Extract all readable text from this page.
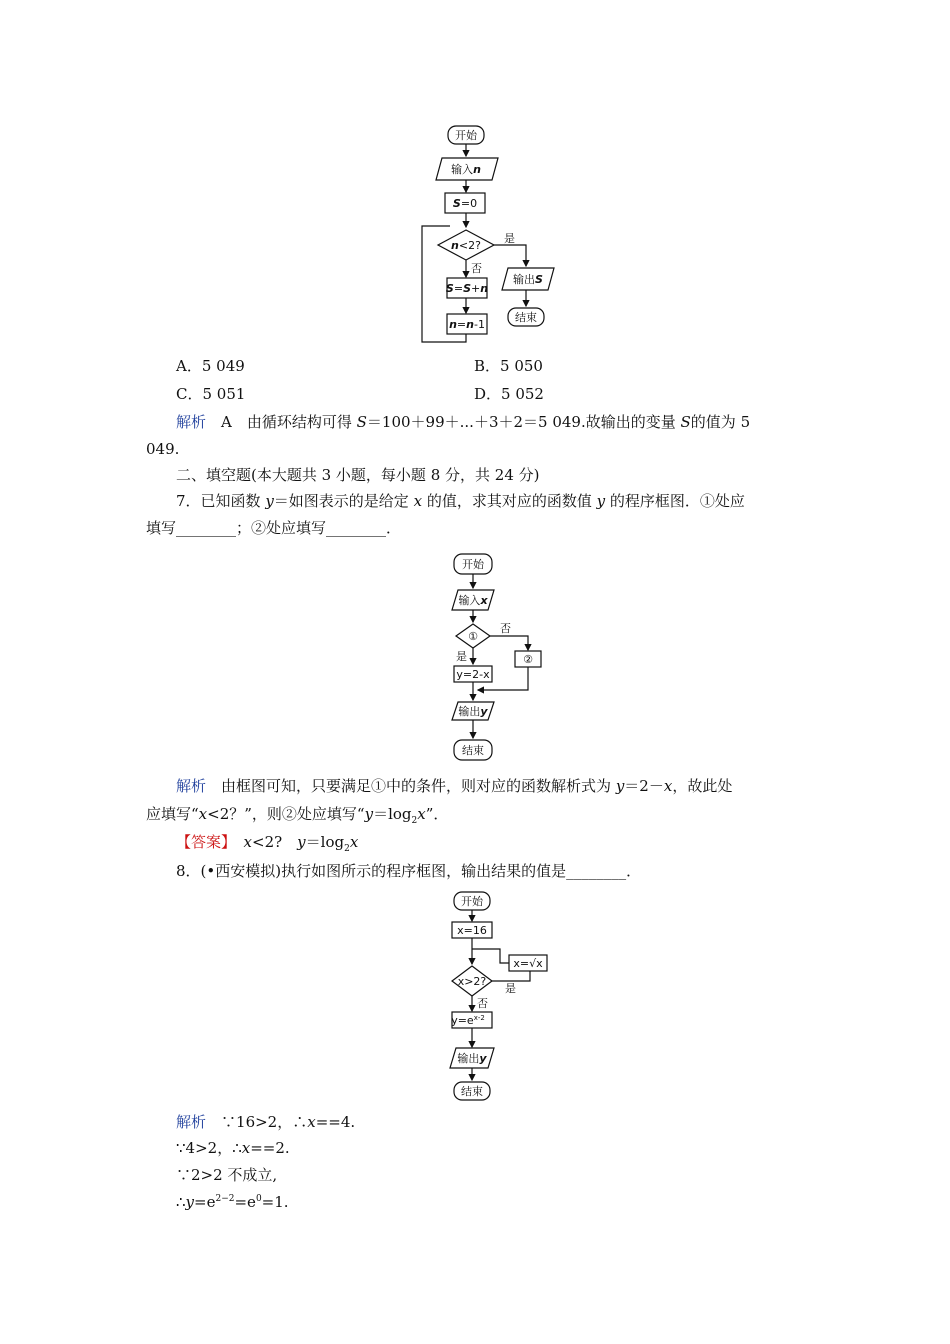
开始
输入n
S=0
n<2?
是
否
S=S+n
n=n-1
输出S
结束
A．5 049	B．5 050
C．5 051	D．5 052
解析　 A　由循环结构可得 S＝100＋99＋...＋3＋2＝5 049.故输出的变量 S的值为 5
049.
二、填空题(本大题共 3 小题，每小题 8 分，共 24 分)
7．已知函数 y＝如图表示的是给定 x 的值，求其对应的函数值 y 的程序框图．①处应
填写________；②处应填写________．
开始
输入x
①
否
是	②
y=2-x
输出y
结束
解析　 由框图可知，只要满足①中的条件，则对应的函数解析式为 y＝2－x，故此处
应填写“x<2？”，则②处应填写“$y=\log_2x$”．
【答案】　 x<2?　$y=\log_2x$
8．(•西安模拟)执行如图所示的程序框图，输出结果的值是________．
开始
x=16
x>2?
是
否
x=√x
$y=e^{x-2}$
输出y
结束
解析　 ∵16>2，∴x==4.
∵4>2，∴x==2.
∵2>2 不成立,
$\therefore y=e^{2-2}=e^0=1$.
